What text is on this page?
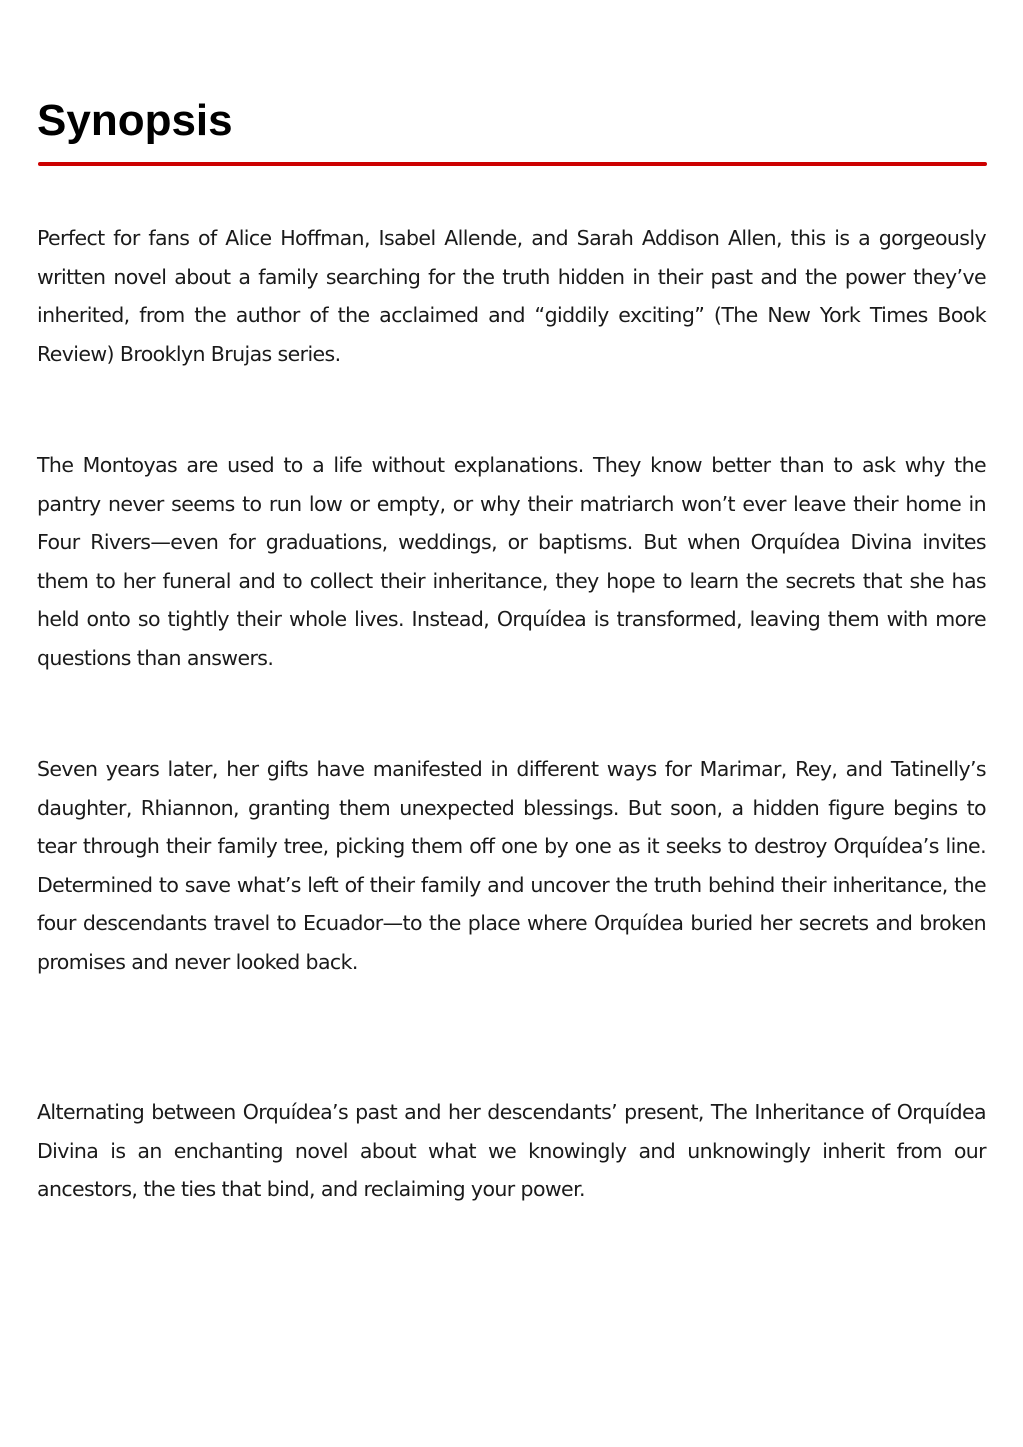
Synopsis

Perfect for fans of Alice Hoffman, Isabel Allende, and Sarah Addison Allen, this is a gorgeously written novel about a family searching for the truth hidden in their past and the power they’ve inherited, from the author of the acclaimed and “giddily exciting” (The New York Times Book Review) Brooklyn Brujas series.

The Montoyas are used to a life without explanations. They know better than to ask why the pantry never seems to run low or empty, or why their matriarch won’t ever leave their home in Four Rivers—even for graduations, weddings, or baptisms. But when Orquídea Divina invites them to her funeral and to collect their inheritance, they hope to learn the secrets that she has held onto so tightly their whole lives. Instead, Orquídea is transformed, leaving them with more questions than answers.

Seven years later, her gifts have manifested in different ways for Marimar, Rey, and Tatinelly’s daughter, Rhiannon, granting them unexpected blessings. But soon, a hidden figure begins to tear through their family tree, picking them off one by one as it seeks to destroy Orquídea’s line. Determined to save what’s left of their family and uncover the truth behind their inheritance, the four descendants travel to Ecuador—to the place where Orquídea buried her secrets and broken promises and never looked back.

Alternating between Orquídea’s past and her descendants’ present, The Inheritance of Orquídea Divina is an enchanting novel about what we knowingly and unknowingly inherit from our ancestors, the ties that bind, and reclaiming your power.
